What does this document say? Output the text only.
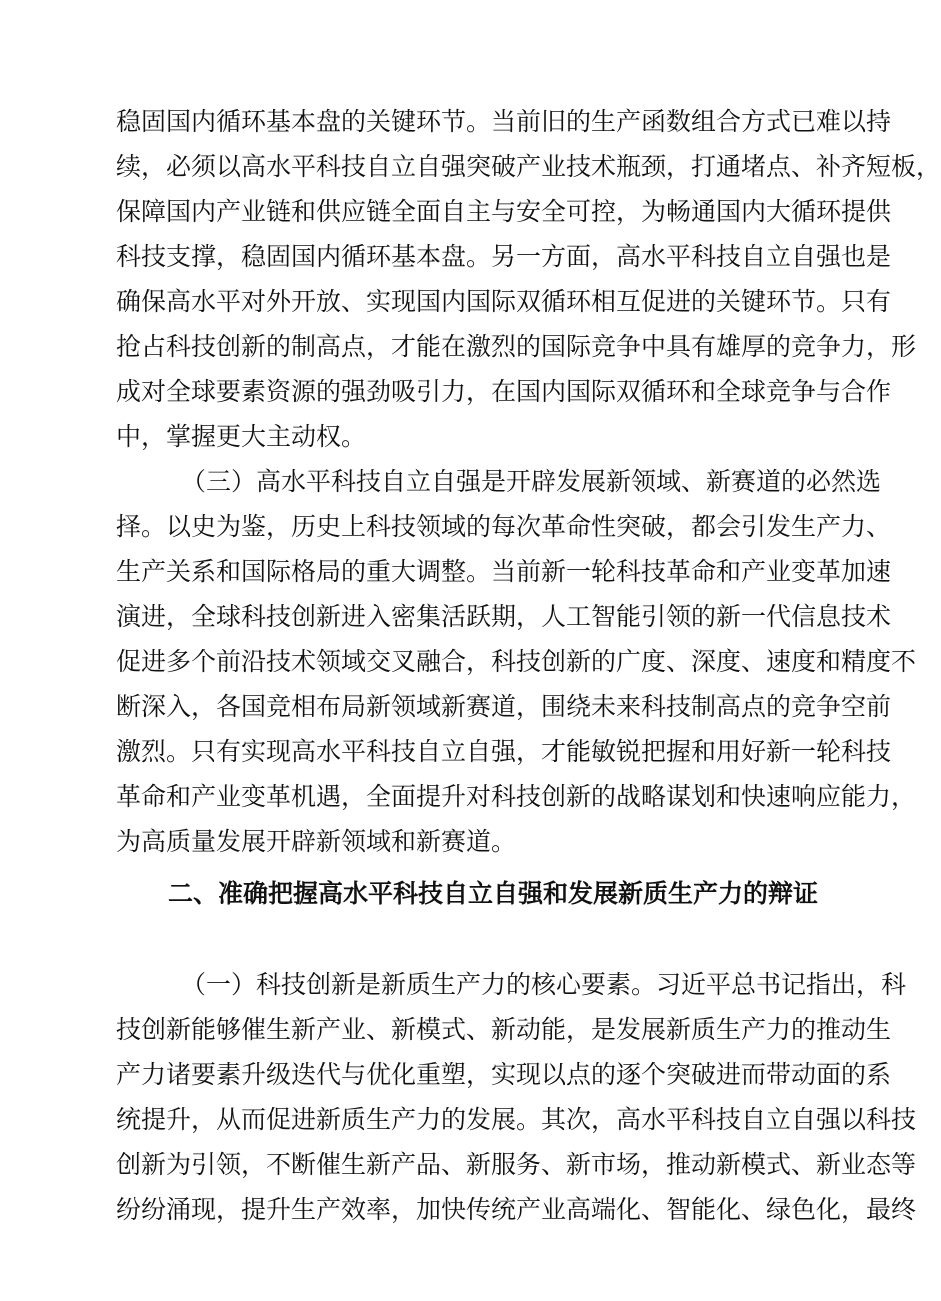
稳固国内循环基本盘的关键环节。当前旧的生产函数组合方式已难以持
续，必须以高水平科技自立自强突破产业技术瓶颈，打通堵点、补齐短板，
保障国内产业链和供应链全面自主与安全可控，为畅通国内大循环提供
科技支撑，稳固国内循环基本盘。另一方面，高水平科技自立自强也是
确保高水平对外开放、实现国内国际双循环相互促进的关键环节。只有
抢占科技创新的制高点，才能在激烈的国际竞争中具有雄厚的竞争力，形
成对全球要素资源的强劲吸引力，在国内国际双循环和全球竞争与合作
中，掌握更大主动权。
（三）高水平科技自立自强是开辟发展新领域、新赛道的必然选
择。以史为鉴，历史上科技领域的每次革命性突破，都会引发生产力、
生产关系和国际格局的重大调整。当前新一轮科技革命和产业变革加速
演进，全球科技创新进入密集活跃期，人工智能引领的新一代信息技术
促进多个前沿技术领域交叉融合，科技创新的广度、深度、速度和精度不
断深入，各国竞相布局新领域新赛道，围绕未来科技制高点的竞争空前
激烈。只有实现高水平科技自立自强，才能敏锐把握和用好新一轮科技
革命和产业变革机遇，全面提升对科技创新的战略谋划和快速响应能力，
为高质量发展开辟新领域和新赛道。
二、准确把握高水平科技自立自强和发展新质生产力的辩证
（一）科技创新是新质生产力的核心要素。习近平总书记指出，科
技创新能够催生新产业、新模式、新动能，是发展新质生产力的推动生
产力诸要素升级迭代与优化重塑，实现以点的逐个突破进而带动面的系
统提升，从而促进新质生产力的发展。其次，高水平科技自立自强以科技
创新为引领，不断催生新产品、新服务、新市场，推动新模式、新业态等
纷纷涌现，提升生产效率，加快传统产业高端化、智能化、绿色化，最终
